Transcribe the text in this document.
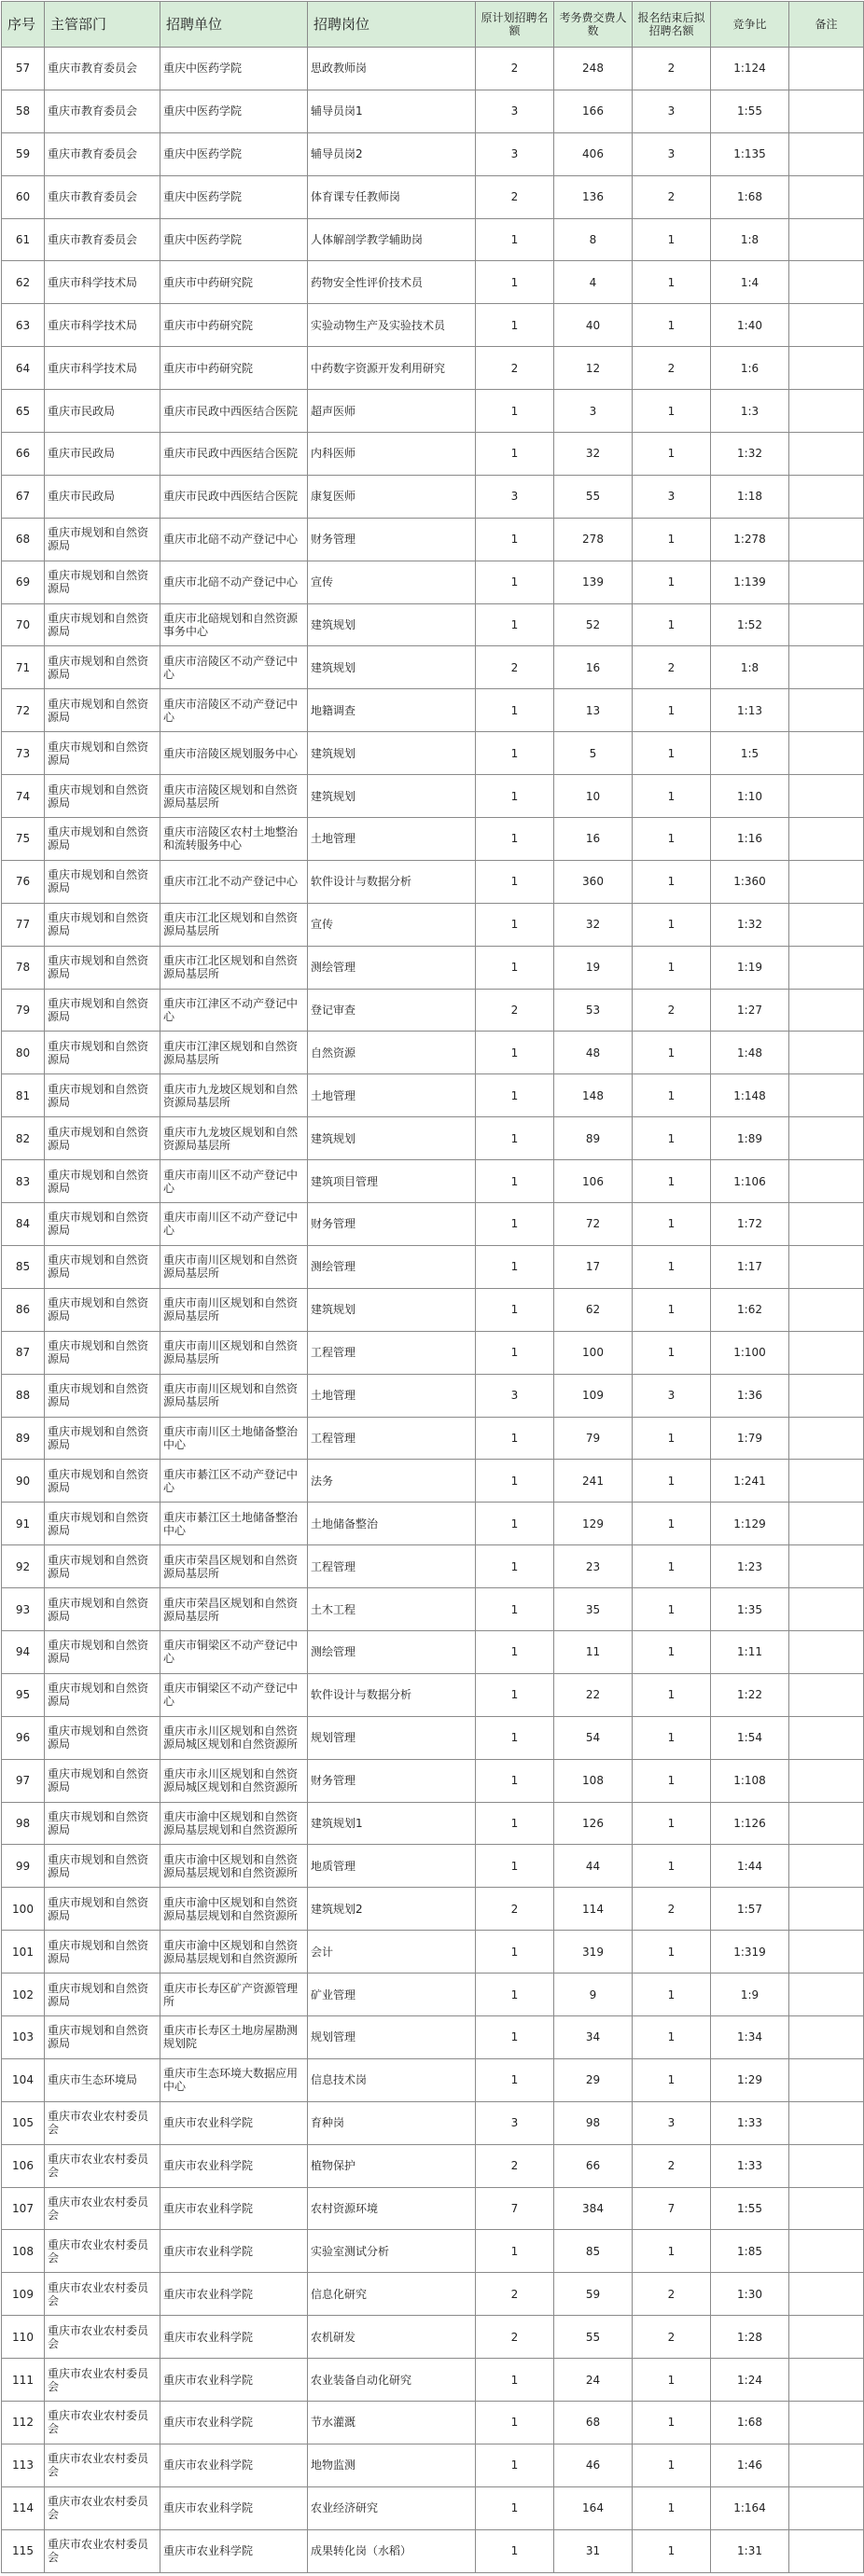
序号	主管部门	招聘单位	招聘岗位	原计划招聘名额	考务费交费人数	报名结束后拟招聘名额	竞争比	备注
57	重庆市教育委员会	重庆中医药学院	思政教师岗	2	248	2	1:124	
58	重庆市教育委员会	重庆中医药学院	辅导员岗1	3	166	3	1:55	
59	重庆市教育委员会	重庆中医药学院	辅导员岗2	3	406	3	1:135	
60	重庆市教育委员会	重庆中医药学院	体育课专任教师岗	2	136	2	1:68	
61	重庆市教育委员会	重庆中医药学院	人体解剖学教学辅助岗	1	8	1	1:8	
62	重庆市科学技术局	重庆市中药研究院	药物安全性评价技术员	1	4	1	1:4	
63	重庆市科学技术局	重庆市中药研究院	实验动物生产及实验技术员	1	40	1	1:40	
64	重庆市科学技术局	重庆市中药研究院	中药数字资源开发利用研究	2	12	2	1:6	
65	重庆市民政局	重庆市民政中西医结合医院	超声医师	1	3	1	1:3	
66	重庆市民政局	重庆市民政中西医结合医院	内科医师	1	32	1	1:32	
67	重庆市民政局	重庆市民政中西医结合医院	康复医师	3	55	3	1:18	
68	重庆市规划和自然资源局	重庆市北碚不动产登记中心	财务管理	1	278	1	1:278	
69	重庆市规划和自然资源局	重庆市北碚不动产登记中心	宣传	1	139	1	1:139	
70	重庆市规划和自然资源局	重庆市北碚规划和自然资源事务中心	建筑规划	1	52	1	1:52	
71	重庆市规划和自然资源局	重庆市涪陵区不动产登记中心	建筑规划	2	16	2	1:8	
72	重庆市规划和自然资源局	重庆市涪陵区不动产登记中心	地籍调查	1	13	1	1:13	
73	重庆市规划和自然资源局	重庆市涪陵区规划服务中心	建筑规划	1	5	1	1:5	
74	重庆市规划和自然资源局	重庆市涪陵区规划和自然资源局基层所	建筑规划	1	10	1	1:10	
75	重庆市规划和自然资源局	重庆市涪陵区农村土地整治和流转服务中心	土地管理	1	16	1	1:16	
76	重庆市规划和自然资源局	重庆市江北不动产登记中心	软件设计与数据分析	1	360	1	1:360	
77	重庆市规划和自然资源局	重庆市江北区规划和自然资源局基层所	宣传	1	32	1	1:32	
78	重庆市规划和自然资源局	重庆市江北区规划和自然资源局基层所	测绘管理	1	19	1	1:19	
79	重庆市规划和自然资源局	重庆市江津区不动产登记中心	登记审查	2	53	2	1:27	
80	重庆市规划和自然资源局	重庆市江津区规划和自然资源局基层所	自然资源	1	48	1	1:48	
81	重庆市规划和自然资源局	重庆市九龙坡区规划和自然资源局基层所	土地管理	1	148	1	1:148	
82	重庆市规划和自然资源局	重庆市九龙坡区规划和自然资源局基层所	建筑规划	1	89	1	1:89	
83	重庆市规划和自然资源局	重庆市南川区不动产登记中心	建筑项目管理	1	106	1	1:106	
84	重庆市规划和自然资源局	重庆市南川区不动产登记中心	财务管理	1	72	1	1:72	
85	重庆市规划和自然资源局	重庆市南川区规划和自然资源局基层所	测绘管理	1	17	1	1:17	
86	重庆市规划和自然资源局	重庆市南川区规划和自然资源局基层所	建筑规划	1	62	1	1:62	
87	重庆市规划和自然资源局	重庆市南川区规划和自然资源局基层所	工程管理	1	100	1	1:100	
88	重庆市规划和自然资源局	重庆市南川区规划和自然资源局基层所	土地管理	3	109	3	1:36	
89	重庆市规划和自然资源局	重庆市南川区土地储备整治中心	工程管理	1	79	1	1:79	
90	重庆市规划和自然资源局	重庆市綦江区不动产登记中心	法务	1	241	1	1:241	
91	重庆市规划和自然资源局	重庆市綦江区土地储备整治中心	土地储备整治	1	129	1	1:129	
92	重庆市规划和自然资源局	重庆市荣昌区规划和自然资源局基层所	工程管理	1	23	1	1:23	
93	重庆市规划和自然资源局	重庆市荣昌区规划和自然资源局基层所	土木工程	1	35	1	1:35	
94	重庆市规划和自然资源局	重庆市铜梁区不动产登记中心	测绘管理	1	11	1	1:11	
95	重庆市规划和自然资源局	重庆市铜梁区不动产登记中心	软件设计与数据分析	1	22	1	1:22	
96	重庆市规划和自然资源局	重庆市永川区规划和自然资源局城区规划和自然资源所	规划管理	1	54	1	1:54	
97	重庆市规划和自然资源局	重庆市永川区规划和自然资源局城区规划和自然资源所	财务管理	1	108	1	1:108	
98	重庆市规划和自然资源局	重庆市渝中区规划和自然资源局基层规划和自然资源所	建筑规划1	1	126	1	1:126	
99	重庆市规划和自然资源局	重庆市渝中区规划和自然资源局基层规划和自然资源所	地质管理	1	44	1	1:44	
100	重庆市规划和自然资源局	重庆市渝中区规划和自然资源局基层规划和自然资源所	建筑规划2	2	114	2	1:57	
101	重庆市规划和自然资源局	重庆市渝中区规划和自然资源局基层规划和自然资源所	会计	1	319	1	1:319	
102	重庆市规划和自然资源局	重庆市长寿区矿产资源管理所	矿业管理	1	9	1	1:9	
103	重庆市规划和自然资源局	重庆市长寿区土地房屋勘测规划院	规划管理	1	34	1	1:34	
104	重庆市生态环境局	重庆市生态环境大数据应用中心	信息技术岗	1	29	1	1:29	
105	重庆市农业农村委员会	重庆市农业科学院	育种岗	3	98	3	1:33	
106	重庆市农业农村委员会	重庆市农业科学院	植物保护	2	66	2	1:33	
107	重庆市农业农村委员会	重庆市农业科学院	农村资源环境	7	384	7	1:55	
108	重庆市农业农村委员会	重庆市农业科学院	实验室测试分析	1	85	1	1:85	
109	重庆市农业农村委员会	重庆市农业科学院	信息化研究	2	59	2	1:30	
110	重庆市农业农村委员会	重庆市农业科学院	农机研发	2	55	2	1:28	
111	重庆市农业农村委员会	重庆市农业科学院	农业装备自动化研究	1	24	1	1:24	
112	重庆市农业农村委员会	重庆市农业科学院	节水灌溉	1	68	1	1:68	
113	重庆市农业农村委员会	重庆市农业科学院	地物监测	1	46	1	1:46	
114	重庆市农业农村委员会	重庆市农业科学院	农业经济研究	1	164	1	1:164	
115	重庆市农业农村委员会	重庆市农业科学院	成果转化岗（水稻）	1	31	1	1:31	
